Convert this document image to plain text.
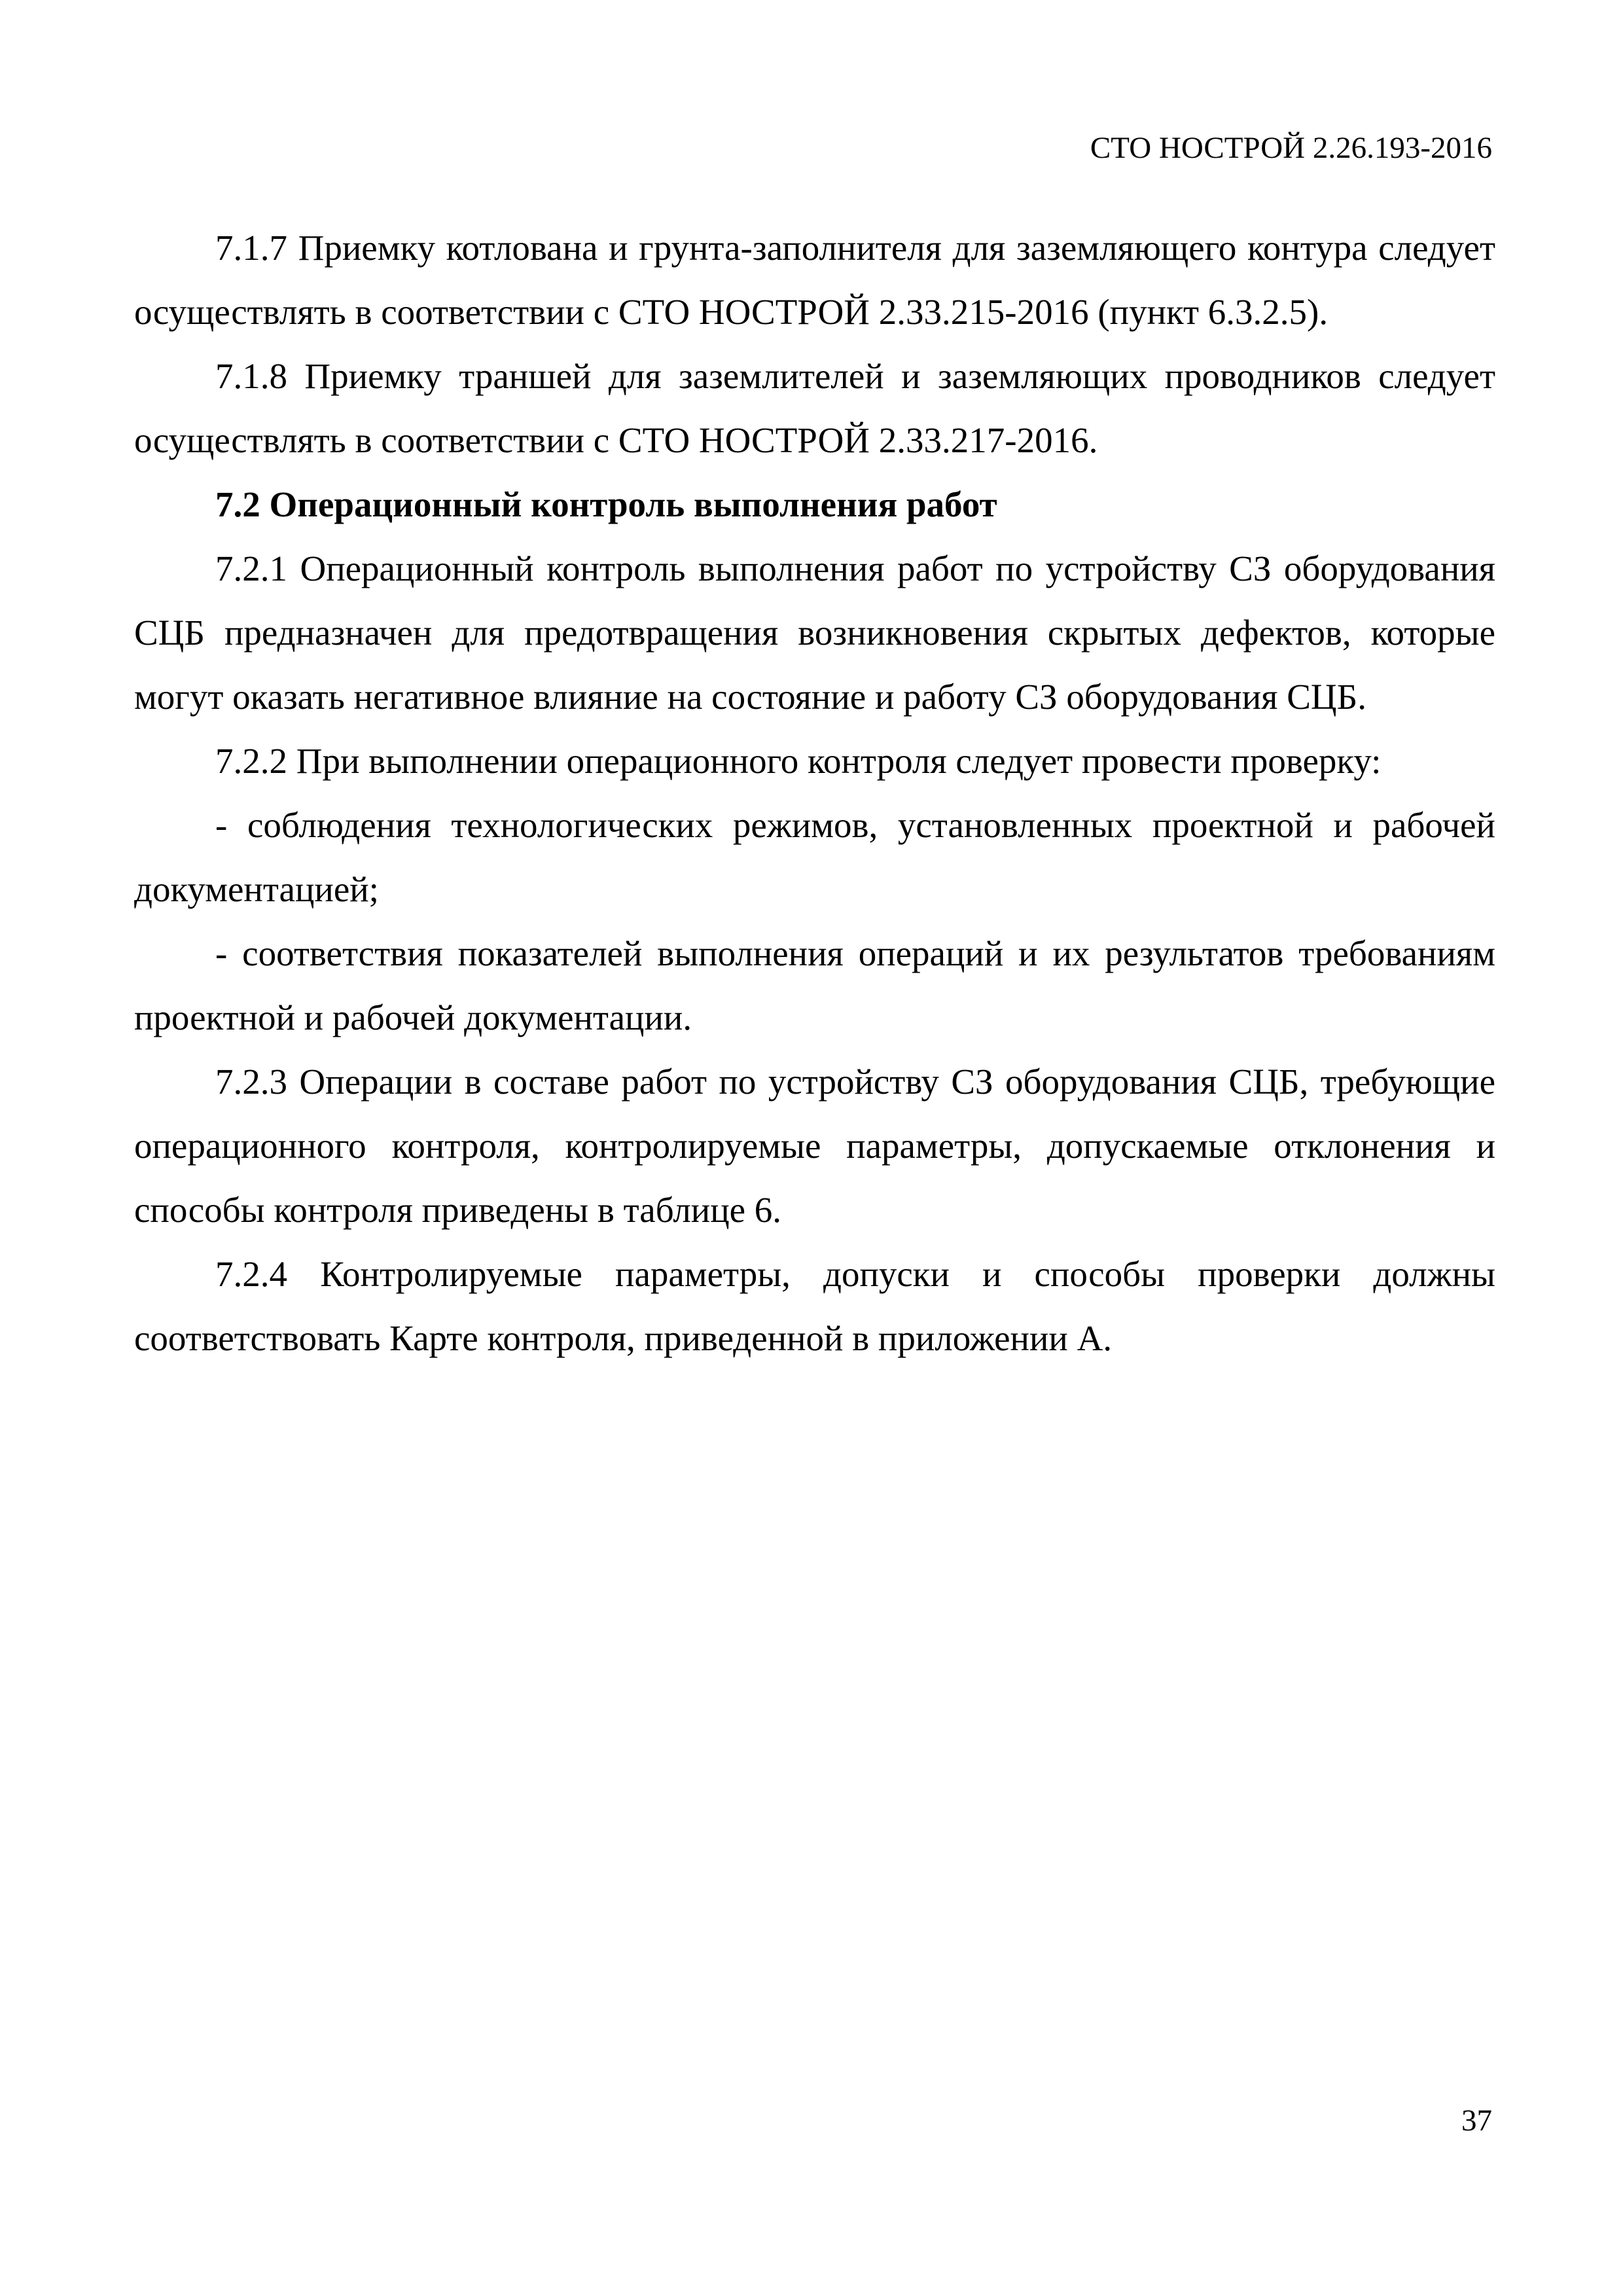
СТО НОСТРОЙ 2.26.193-2016

7.1.7 Приемку котлована и грунта-заполнителя для заземляющего контура следует осуществлять в соответствии с СТО НОСТРОЙ 2.33.215-2016 (пункт 6.3.2.5).

7.1.8 Приемку траншей для заземлителей и заземляющих проводников следует осуществлять в соответствии с СТО НОСТРОЙ 2.33.217-2016.

7.2 Операционный контроль выполнения работ

7.2.1 Операционный контроль выполнения работ по устройству СЗ оборудования СЦБ предназначен для предотвращения возникновения скрытых дефектов, которые могут оказать негативное влияние на состояние и работу СЗ оборудования СЦБ.

7.2.2 При выполнении операционного контроля следует провести проверку:

- соблюдения технологических режимов, установленных проектной и рабочей документацией;

- соответствия показателей выполнения операций и их результатов требованиям проектной и рабочей документации.

7.2.3 Операции в составе работ по устройству СЗ оборудования СЦБ, требующие операционного контроля, контролируемые параметры, допускаемые отклонения и способы контроля приведены в таблице 6.

7.2.4 Контролируемые параметры, допуски и способы проверки должны соответствовать Карте контроля, приведенной в приложении А.

37
